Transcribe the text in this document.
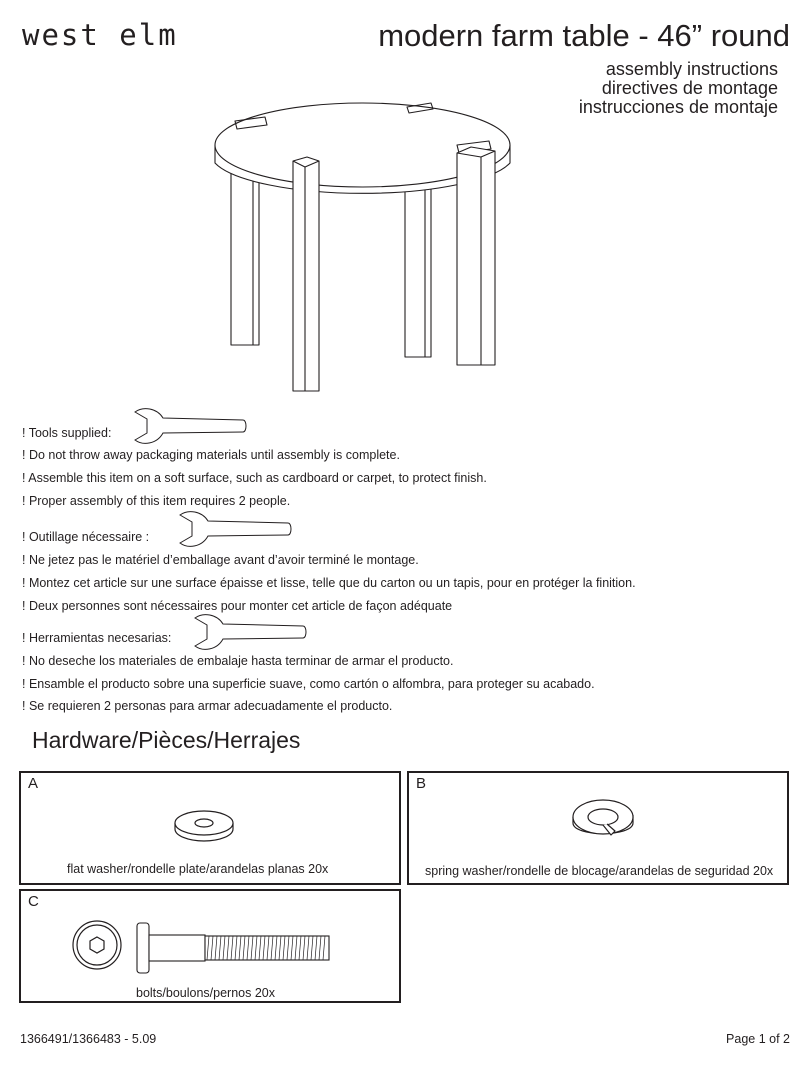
west elm	modern farm table - 46” round
assembly instructions
directives de montage
instrucciones de montaje
! Tools supplied:
! Do not throw away packaging materials until assembly is complete.
! Assemble this item on a soft surface, such as cardboard or carpet, to protect finish.
! Proper assembly of this item requires 2 people.
! Outillage nécessaire :
! Ne jetez pas le matériel d’emballage avant d’avoir terminé le montage.
! Montez cet article sur une surface épaisse et lisse, telle que du carton ou un tapis, pour en protéger la finition.
! Deux personnes sont nécessaires pour monter cet article de façon adéquate
! Herramientas necesarias:
! No deseche los materiales de embalaje hasta terminar de armar el producto.
! Ensamble el producto sobre una superficie suave, como cartón o alfombra, para proteger su acabado.
! Se requieren 2 personas para armar adecuadamente el producto.
Hardware/Pièces/Herrajes
A
flat washer/rondelle plate/arandelas planas 20x
B
spring washer/rondelle de blocage/arandelas de seguridad 20x
C
bolts/boulons/pernos 20x
1366491/1366483 - 5.09	Page 1 of 2
